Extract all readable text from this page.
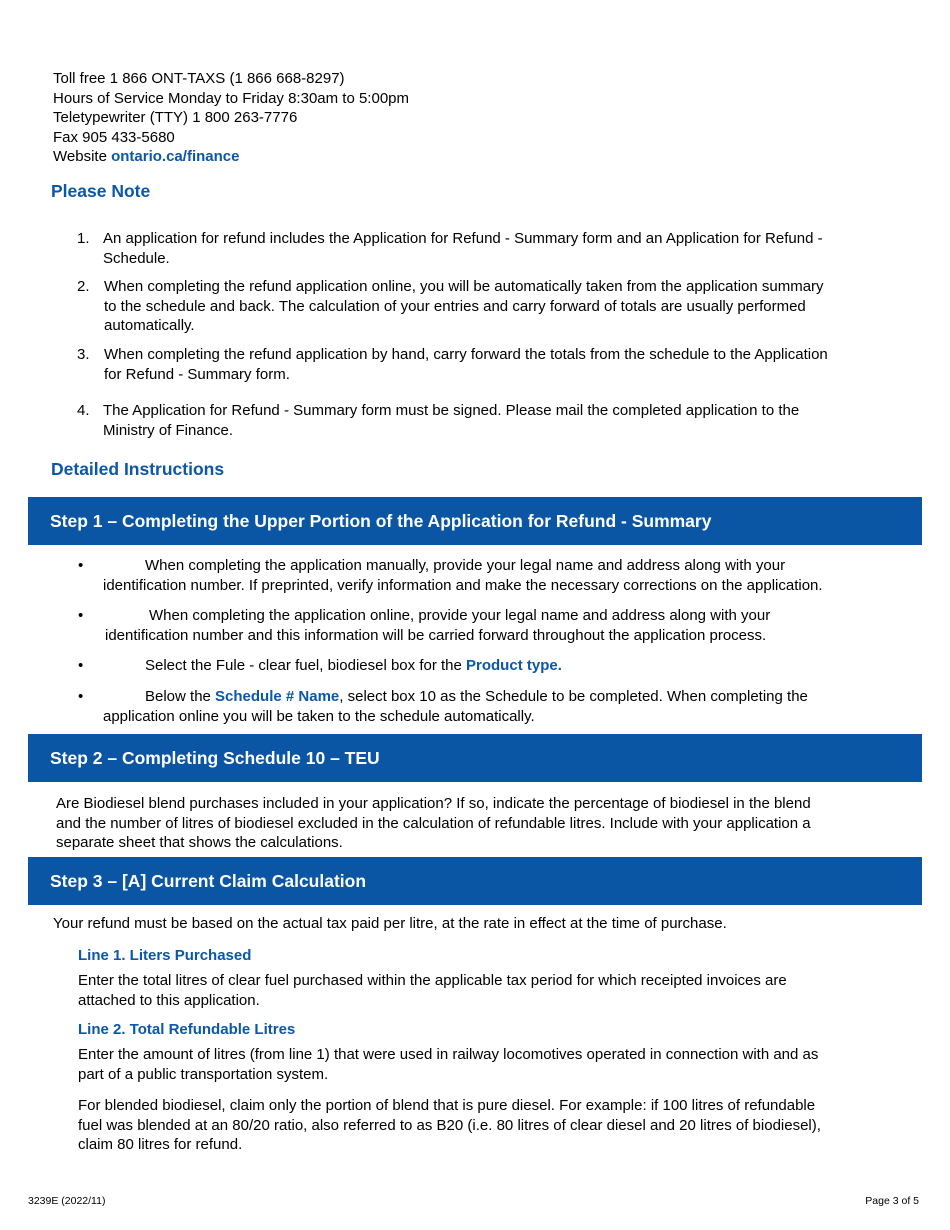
Toll free 1 866 ONT-TAXS (1 866 668-8297)
Hours of Service Monday to Friday 8:30am to 5:00pm
Teletypewriter (TTY) 1 800 263-7776
Fax 905 433-5680
Website ontario.ca/finance
Please Note
1. An application for refund includes the Application for Refund - Summary form and an Application for Refund -
Schedule.
2. When completing the refund application online, you will be automatically taken from the application summary
to the schedule and back. The calculation of your entries and carry forward of totals are usually performed
automatically.
3. When completing the refund application by hand, carry forward the totals from the schedule to the Application
for Refund - Summary form.
4. The Application for Refund - Summary form must be signed. Please mail the completed application to the
Ministry of Finance.
Detailed Instructions
Step 1 – Completing the Upper Portion of the Application for Refund - Summary
•	When completing the application manually, provide your legal name and address along with your
identification number. If preprinted, verify information and make the necessary corrections on the application.
•	When completing the application online, provide your legal name and address along with your
identification number and this information will be carried forward throughout the application process.
•	Select the Fule - clear fuel, biodiesel box for the Product type.
•	Below the Schedule # Name, select box 10 as the Schedule to be completed. When completing the
application online you will be taken to the schedule automatically.
Step 2 – Completing Schedule 10 – TEU
Are Biodiesel blend purchases included in your application? If so, indicate the percentage of biodiesel in the blend
and the number of litres of biodiesel excluded in the calculation of refundable litres. Include with your application a
separate sheet that shows the calculations.
Step 3 – [A] Current Claim Calculation
Your refund must be based on the actual tax paid per litre, at the rate in effect at the time of purchase.
Line 1. Liters Purchased
Enter the total litres of clear fuel purchased within the applicable tax period for which receipted invoices are
attached to this application.
Line 2. Total Refundable Litres
Enter the amount of litres (from line 1) that were used in railway locomotives operated in connection with and as
part of a public transportation system.
For blended biodiesel, claim only the portion of blend that is pure diesel. For example: if 100 litres of refundable
fuel was blended at an 80/20 ratio, also referred to as B20 (i.e. 80 litres of clear diesel and 20 litres of biodiesel),
claim 80 litres for refund.
3239E (2022/11)	Page 3 of 5
